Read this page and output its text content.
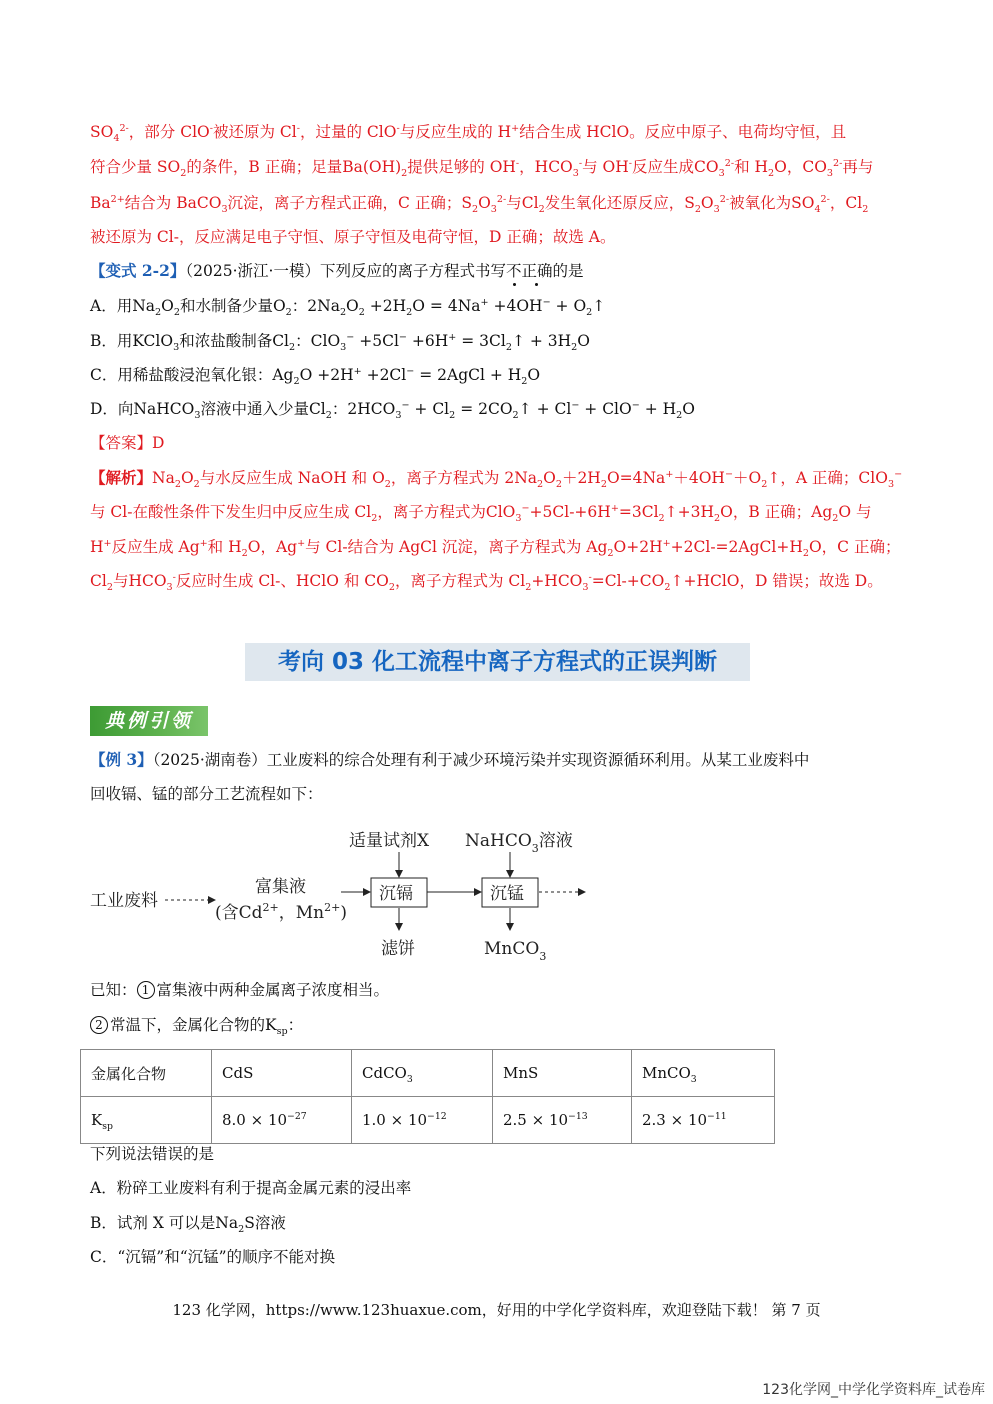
$SO_4^{2-}$，部分 ClO-被还原为 Cl-，过量的 ClO-与反应生成的 H+结合生成 HClO。反应中原子、电荷均守恒，且
符合少量 $SO_2$的条件，B 正确；足量$Ba(OH)_2$提供足够的 OH-，$HCO_3^-$与 OH-反应生成$CO_3^{2-}$和 $H_2O$，$CO_3^{2-}$再与
$Ba^{2+}$结合为 BaCO$_3$沉淀，离子方程式正确，C 正确；$S_2O_3^{2-}$与$Cl_2$发生氧化还原反应，$S_2O_3^{2-}$被氧化为$SO_4^{2-}$，$Cl_2$
被还原为 Cl-，反应满足电子守恒、原子守恒及电荷守恒，D 正确；故选 A。
【变式 2-2】（2025·浙江·一模）下列反应的离子方程式书写不正确的是
A．用$Na_2O_2$和水制备少量$O_2$：$2Na_2O_2 +2H_2O = 4Na^+ +4OH^-$ + $O_2↑$
B．用KClO$_3$和浓盐酸制备$Cl_2$：$ClO_3^- +5Cl^- +6H^+ = 3Cl_2↑ + 3H_2O$
C．用稀盐酸浸泡氧化银：$Ag_2O +2H^+ +2Cl^-$ = 2AgCl + $H_2O$
D．向NaHCO$_3$溶液中通入少量$Cl_2$：$2HCO_3^- + Cl_2$ = $2CO_2↑ + Cl^- + ClO^- + H_2O$
【答案】D
【解析】$Na_2O_2$与水反应生成 NaOH 和 $O_2$，离子方程式为 $2Na_2O_2+2H_2O=4Na^++4OH^-+O_2↑$，A 正确；ClO$_3$−
与 Cl-在酸性条件下发生归中反应生成 $Cl_2$，离子方程式为$ClO_3^-+5Cl-+6H^+=3Cl_2↑+3H_2O$，B 正确；$Ag_2O$ 与
H+反应生成 Ag+和 $H_2O$，Ag+与 Cl-结合为 AgCl 沉淀，离子方程式为 $Ag_2O+2H^++2Cl-=2AgCl+H_2O$，C 正确；
$Cl_2$与$HCO_3^-$反应时生成 Cl-、HClO 和 $CO_2$，离子方程式为 $Cl_2+HCO_3^-=Cl-+CO_2↑+HClO$，D 错误；故选 D。
考向 03 化工流程中离子方程式的正误判断
典例引领
【例 3】（2025·湖南卷）工业废料的综合处理有利于减少环境污染并实现资源循环利用。从某工业废料中
回收镉、锰的部分工艺流程如下：
工业废料
富集液
(含$Cd^{2+}$，$Mn^{2+}$)
沉镉
适量试剂X
滤饼
沉锰
NaHCO$_3$溶液
MnCO$_3$
已知： 1 富集液中两种金属离子浓度相当。
2 常温下，金属化合物的$K_{sp}$：
金属化合物	CdS	CdCO$_3$	MnS	MnCO$_3$
$K_{sp}$	$8.0 \times 10^{-27}$	$1.0 \times 10^{-12}$	$2.5 \times 10^{-13}$	$2.3 \times 10^{-11}$
下列说法错误的是
A．粉碎工业废料有利于提高金属元素的浸出率
B．试剂 X 可以是$Na_2S$溶液
C．“沉镉”和“沉锰”的顺序不能对换
123 化学网，https://www.123huaxue.com，好用的中学化学资料库，欢迎登陆下载！ 第 7 页
123化学网_中学化学资料库_试卷库
